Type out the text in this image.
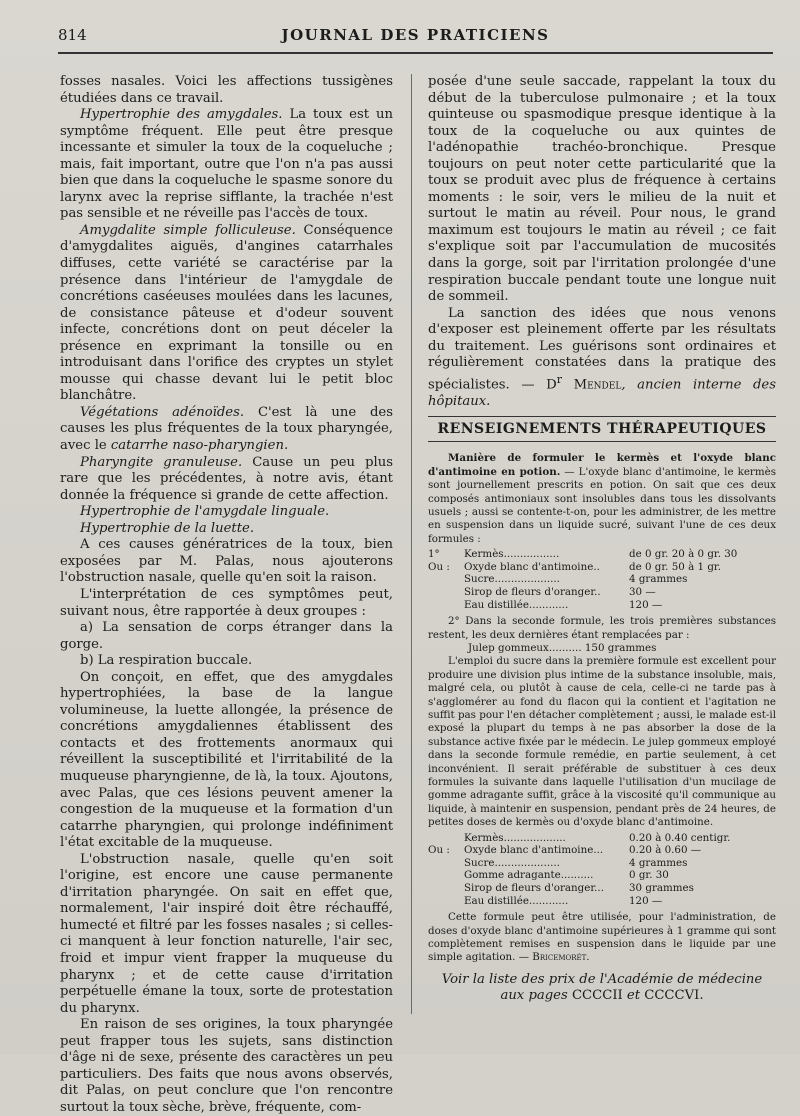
814	JOURNAL DES PRATICIENS

fosses nasales. Voici les affections tussigènes étudiées dans ce travail.

Hypertrophie des amygdales. La toux est un symptôme fréquent. Elle peut être presque incessante et simuler la toux de la coqueluche ; mais, fait important, outre que l'on n'a pas aussi bien que dans la coqueluche le spasme sonore du larynx avec la reprise sifflante, la trachée n'est pas sensible et ne réveille pas l'accès de toux.

Amygdalite simple folliculeuse. Conséquence d'amygdalites aiguës, d'angines catarrhales diffuses, cette variété se caractérise par la présence dans l'intérieur de l'amygdale de concrétions caséeuses moulées dans les lacunes, de consistance pâteuse et d'odeur souvent infecte, concrétions dont on peut déceler la présence en exprimant la tonsille ou en introduisant dans l'orifice des cryptes un stylet mousse qui chasse devant lui le petit bloc blanchâtre.

Végétations adénoïdes. C'est là une des causes les plus fréquentes de la toux pharyngée, avec le catarrhe naso-pharyngien.

Pharyngite granuleuse. Cause un peu plus rare que les précédentes, à notre avis, étant donnée la fréquence si grande de cette affection.

Hypertrophie de l'amygdale linguale.

Hypertrophie de la luette.

A ces causes génératrices de la toux, bien exposées par M. Palas, nous ajouterons l'obstruction nasale, quelle qu'en soit la raison.

L'interprétation de ces symptômes peut, suivant nous, être rapportée à deux groupes :

a) La sensation de corps étranger dans la gorge.

b) La respiration buccale.

On conçoit, en effet, que des amygdales hypertrophiées, la base de la langue volumineuse, la luette allongée, la présence de concrétions amygdaliennes établissent des contacts et des frottements anormaux qui réveillent la susceptibilité et l'irritabilité de la muqueuse pharyngienne, de là, la toux. Ajoutons, avec Palas, que ces lésions peuvent amener la congestion de la muqueuse et la formation d'un catarrhe pharyngien, qui prolonge indéfiniment l'état excitable de la muqueuse.

L'obstruction nasale, quelle qu'en soit l'origine, est encore une cause permanente d'irritation pharyngée. On sait en effet que, normalement, l'air inspiré doit être réchauffé, humecté et filtré par les fosses nasales ; si celles-ci manquent à leur fonction naturelle, l'air sec, froid et impur vient frapper la muqueuse du pharynx ; et de cette cause d'irritation perpétuelle émane la toux, sorte de protestation du pharynx.

En raison de ses origines, la toux pharyngée peut frapper tous les sujets, sans distinction d'âge ni de sexe, présente des caractères un peu particuliers. Des faits que nous avons observés, dit Palas, on peut conclure que l'on rencontre surtout la toux sèche, brève, fréquente, com-

posée d'une seule saccade, rappelant la toux du début de la tuberculose pulmonaire ; et la toux quinteuse ou spasmodique presque identique à la toux de la coqueluche ou aux quintes de l'adénopathie trachéo-bronchique. Presque toujours on peut noter cette particularité que la toux se produit avec plus de fréquence à certains moments : le soir, vers le milieu de la nuit et surtout le matin au réveil. Pour nous, le grand maximum est toujours le matin au réveil ; ce fait s'explique soit par l'accumulation de mucosités dans la gorge, soit par l'irritation prolongée d'une respiration buccale pendant toute une longue nuit de sommeil.

La sanction des idées que nous venons d'exposer est pleinement offerte par les résultats du traitement. Les guérisons sont ordinaires et régulièrement constatées dans la pratique des spécialistes. — $D^r$ Mendel, ancien interne des hôpitaux.

RENSEIGNEMENTS THÉRAPEUTIQUES

Manière de formuler le kermès et l'oxyde blanc d'antimoine en potion. — L'oxyde blanc d'antimoine, le kermès sont journellement prescrits en potion. On sait que ces deux composés antimoniaux sont insolubles dans tous les dissolvants usuels ; aussi se contente-t-on, pour les administrer, de les mettre en suspension dans un liquide sucré, suivant l'une de ces deux formules :

1°	Kermès.................	de 0 gr. 20 à 0 gr. 30
Ou :	Oxyde blanc d'antimoine..	de 0 gr. 50 à 1 gr.
Sucre....................	4 grammes
Sirop de fleurs d'oranger..	30 —
Eau distillée............	120 —

2° Dans la seconde formule, les trois premières substances restent, les deux dernières étant remplacées par :

Julep gommeux.......... 150 grammes

L'emploi du sucre dans la première formule est excellent pour produire une division plus intime de la substance insoluble, mais, malgré cela, ou plutôt à cause de cela, celle-ci ne tarde pas à s'agglomérer au fond du flacon qui la contient et l'agitation ne suffit pas pour l'en détacher complètement ; aussi, le malade est-il exposé la plupart du temps à ne pas absorber la dose de la substance active fixée par le médecin. Le julep gommeux employé dans la seconde formule remédie, en partie seulement, à cet inconvénient. Il serait préférable de substituer à ces deux formules la suivante dans laquelle l'utilisation d'un mucilage de gomme adragante suffit, grâce à la viscosité qu'il communique au liquide, à maintenir en suspension, pendant près de 24 heures, de petites doses de kermès ou d'oxyde blanc d'antimoine.

Kermès...................	0.20 à 0.40 centigr.
Ou :	Oxyde blanc d'antimoine...	0.20 à 0.60 —
Sucre....................	4 grammes
Gomme adragante..........	0 gr. 30
Sirop de fleurs d'oranger...	30 grammes
Eau distillée............	120 —

Cette formule peut être utilisée, pour l'administration, de doses d'oxyde blanc d'antimoine supérieures à 1 gramme qui sont complètement remises en suspension dans le liquide par une simple agitation. — Bricemorét.

Voir la liste des prix de l'Académie de médecine aux pages CCCCII et CCCCVI.
